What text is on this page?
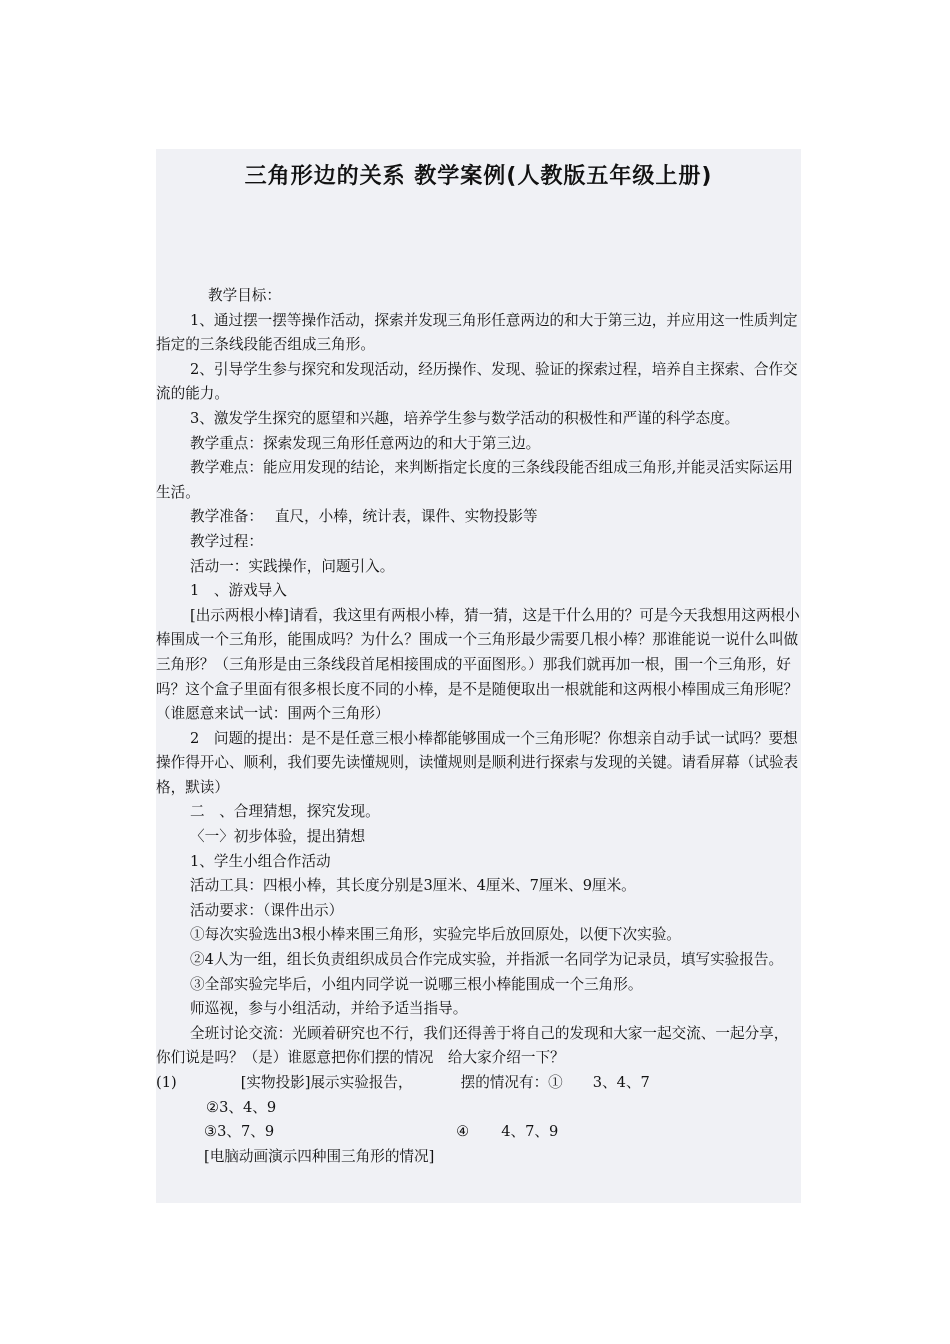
三角形边的关系 教学案例(人教版五年级上册)

教学目标：

1、通过摆一摆等操作活动，探索并发现三角形任意两边的和大于第三边，并应用这一性质判定指定的三条线段能否组成三角形。

2、引导学生参与探究和发现活动，经历操作、发现、验证的探索过程，培养自主探索、合作交流的能力。

3、激发学生探究的愿望和兴趣，培养学生参与数学活动的积极性和严谨的科学态度。

教学重点：探索发现三角形任意两边的和大于第三边。

教学难点：能应用发现的结论，来判断指定长度的三条线段能否组成三角形,并能灵活实际运用生活。

教学准备：　 直尺，小棒，统计表，课件、实物投影等

教学过程：

活动一：实践操作，问题引入。

1　、游戏导入

[出示两根小棒]请看，我这里有两根小棒，猜一猜，这是干什么用的？可是今天我想用这两根小棒围成一个三角形，能围成吗？为什么？围成一个三角形最少需要几根小棒？那谁能说一说什么叫做三角形？（三角形是由三条线段首尾相接围成的平面图形。）那我们就再加一根，围一个三角形，好吗？这个盒子里面有很多根长度不同的小棒，是不是随便取出一根就能和这两根小棒围成三角形呢？（谁愿意来试一试：围两个三角形）

2　问题的提出：是不是任意三根小棒都能够围成一个三角形呢？你想亲自动手试一试吗？要想操作得开心、顺利，我们要先读懂规则，读懂规则是顺利进行探索与发现的关键。请看屏幕（试验表格，默读）

二　、合理猜想，探究发现。

〈一〉初步体验，提出猜想

1、学生小组合作活动

活动工具：四根小棒，其长度分别是3厘米、4厘米、7厘米、9厘米。

活动要求：（课件出示）

①每次实验选出3根小棒来围三角形，实验完毕后放回原处，以便下次实验。

②4人为一组，组长负责组织成员合作完成实验，并指派一名同学为记录员，填写实验报告。

③全部实验完毕后，小组内同学说一说哪三根小棒能围成一个三角形。

师巡视，参与小组活动，并给予适当指导。

全班讨论交流：光顾着研究也不行，我们还得善于将自己的发现和大家一起交流、一起分享，你们说是吗？（是）谁愿意把你们摆的情况　给大家介绍一下？

(1)	[实物投影]展示实验报告，	摆的情况有：① 3、4、7
②3、4、9
③3、7、9	④ 4、7、9
[电脑动画演示四种围三角形的情况]
